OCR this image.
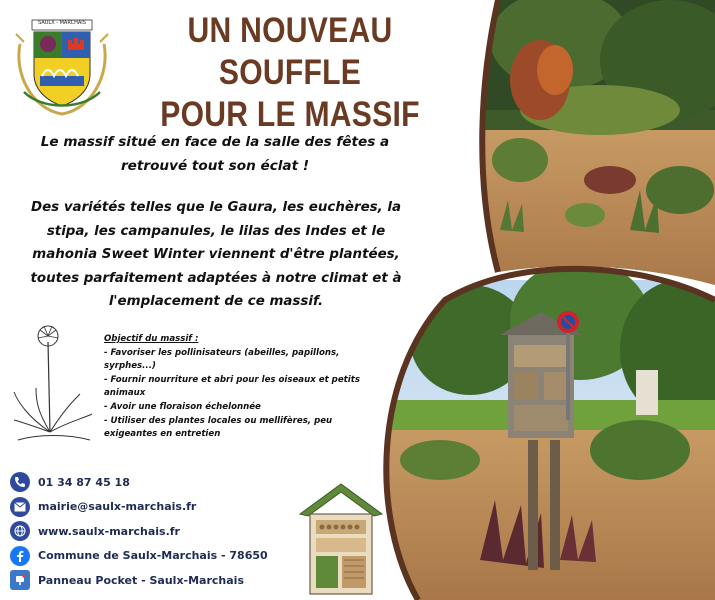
SAULX - MARCHAIS	UN NOUVEAU SOUFFLE
POUR LE MASSIF
Le massif situé en face de la salle des fêtes a retrouvé tout son éclat !
Des variétés telles que le Gaura, les euchères, la stipa, les campanules, le lilas des Indes et le mahonia Sweet Winter viennent d'être plantées, toutes parfaitement adaptées à notre climat et à l'emplacement de ce massif.
Objectif du massif :
- Favoriser les pollinisateurs (abeilles, papillons, syrphes...)
- Fournir nourriture et abri pour les oiseaux et petits animaux
- Avoir une floraison échelonnée
- Utiliser des plantes locales ou mellifères, peu exigeantes en entretien
01 34 87 45 18
mairie@saulx-marchais.fr
www.saulx-marchais.fr
Commune de Saulx-Marchais - 78650
Panneau Pocket - Saulx-Marchais
